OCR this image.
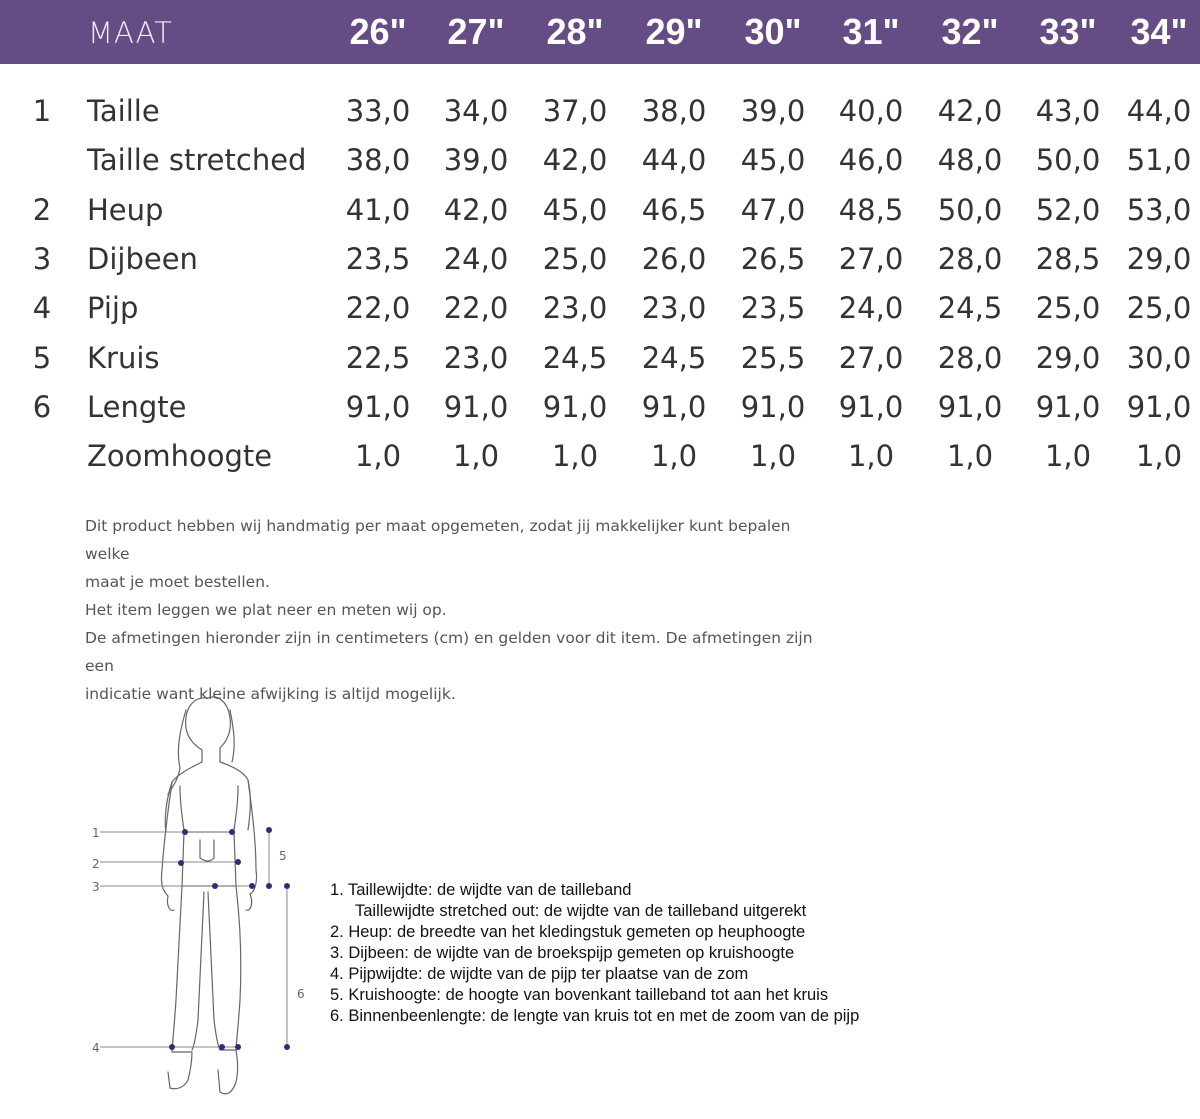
MAAT	26"	27"	28"	29"	30"	31"	32"	33" 34"
1 Taille	33,0	34,0	37,0	38,0	39,0	40,0	42,0	43,0 44,0
Taille stretched	38,0	39,0	42,0	44,0	45,0	46,0	48,0	50,0 51,0
2 Heup	41,0	42,0	45,0	46,5	47,0	48,5	50,0	52,0 53,0
3 Dijbeen	23,5	24,0	25,0	26,0	26,5	27,0	28,0	28,5 29,0
4 Pijp	22,0	22,0	23,0	23,0	23,5	24,0	24,5	25,0 25,0
5 Kruis	22,5	23,0	24,5	24,5	25,5	27,0	28,0	29,0 30,0
6 Lengte	91,0	91,0	91,0	91,0	91,0	91,0	91,0	91,0 91,0
Zoomhoogte	1,0	1,0	1,0	1,0	1,0	1,0	1,0	1,0	1,0

Dit product hebben wij handmatig per maat opgemeten, zodat jij makkelijker kunt bepalen welke

maat je moet bestellen.

Het item leggen we plat neer en meten wij op.

De afmetingen hieronder zijn in centimeters (cm) en gelden voor dit item. De afmetingen zijn een

indicatie want kleine afwijking is altijd mogelijk.

1
2
3
4
5
6
1. Taillewijdte: de wijdte van de tailleband
Taillewijdte stretched out: de wijdte van de tailleband uitgerekt
2. Heup: de breedte van het kledingstuk gemeten op heuphoogte
3. Dijbeen: de wijdte van de broekspijp gemeten op kruishoogte
4. Pijpwijdte: de wijdte van de pijp ter plaatse van de zom
5. Kruishoogte: de hoogte van bovenkant tailleband tot aan het kruis
6. Binnenbeenlengte: de lengte van kruis tot en met de zoom van de pijp
